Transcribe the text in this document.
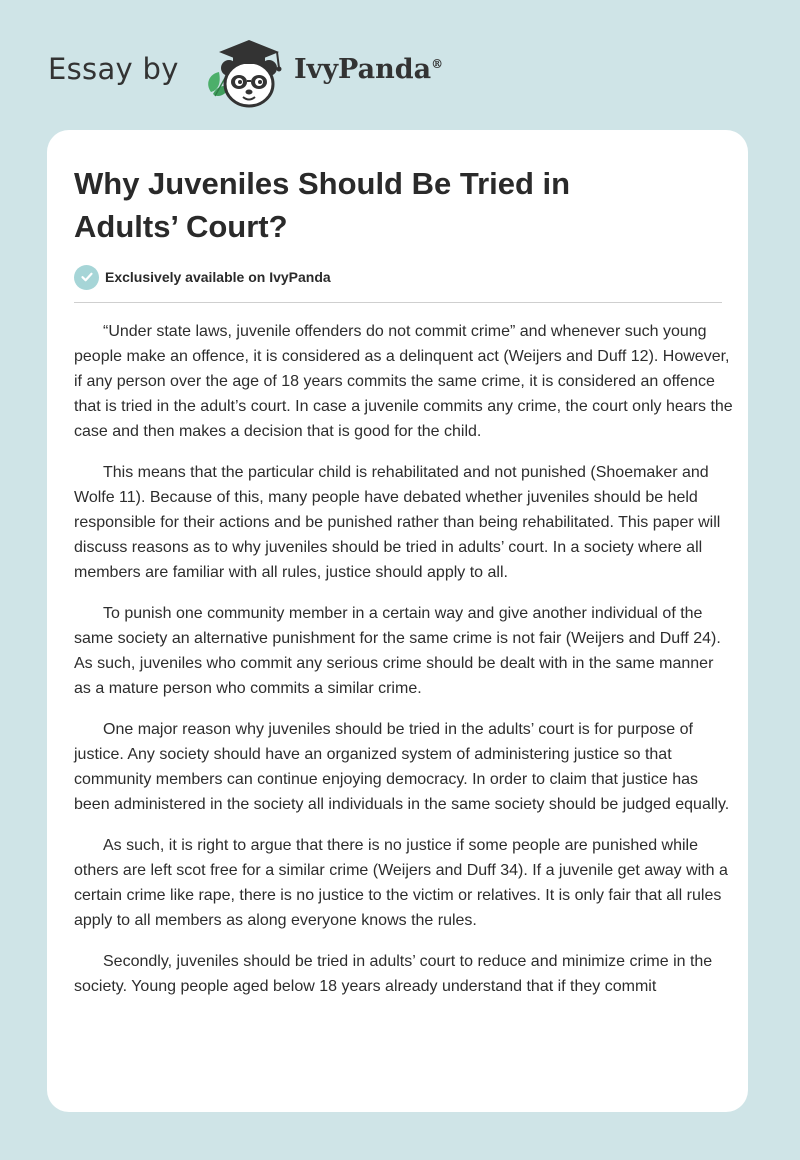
Essay by	IvyPanda®
Why Juveniles Should Be Tried in Adults’ Court?
Exclusively available on IvyPanda

“Under state laws, juvenile offenders do not commit crime” and whenever such young people make an offence, it is considered as a delinquent act (Weijers and Duff 12). However, if any person over the age of 18 years commits the same crime, it is considered an offence that is tried in the adult’s court. In case a juvenile commits any crime, the court only hears the case and then makes a decision that is good for the child.

This means that the particular child is rehabilitated and not punished (Shoemaker and Wolfe 11). Because of this, many people have debated whether juveniles should be held responsible for their actions and be punished rather than being rehabilitated. This paper will discuss reasons as to why juveniles should be tried in adults’ court. In a society where all members are familiar with all rules, justice should apply to all.

To punish one community member in a certain way and give another individual of the same society an alternative punishment for the same crime is not fair (Weijers and Duff 24). As such, juveniles who commit any serious crime should be dealt with in the same manner as a mature person who commits a similar crime.

One major reason why juveniles should be tried in the adults’ court is for purpose of justice. Any society should have an organized system of administering justice so that community members can continue enjoying democracy. In order to claim that justice has been administered in the society all individuals in the same society should be judged equally.

As such, it is right to argue that there is no justice if some people are punished while others are left scot free for a similar crime (Weijers and Duff 34). If a juvenile get away with a certain crime like rape, there is no justice to the victim or relatives. It is only fair that all rules apply to all members as along everyone knows the rules.

Secondly, juveniles should be tried in adults’ court to reduce and minimize crime in the society. Young people aged below 18 years already understand that if they commit
